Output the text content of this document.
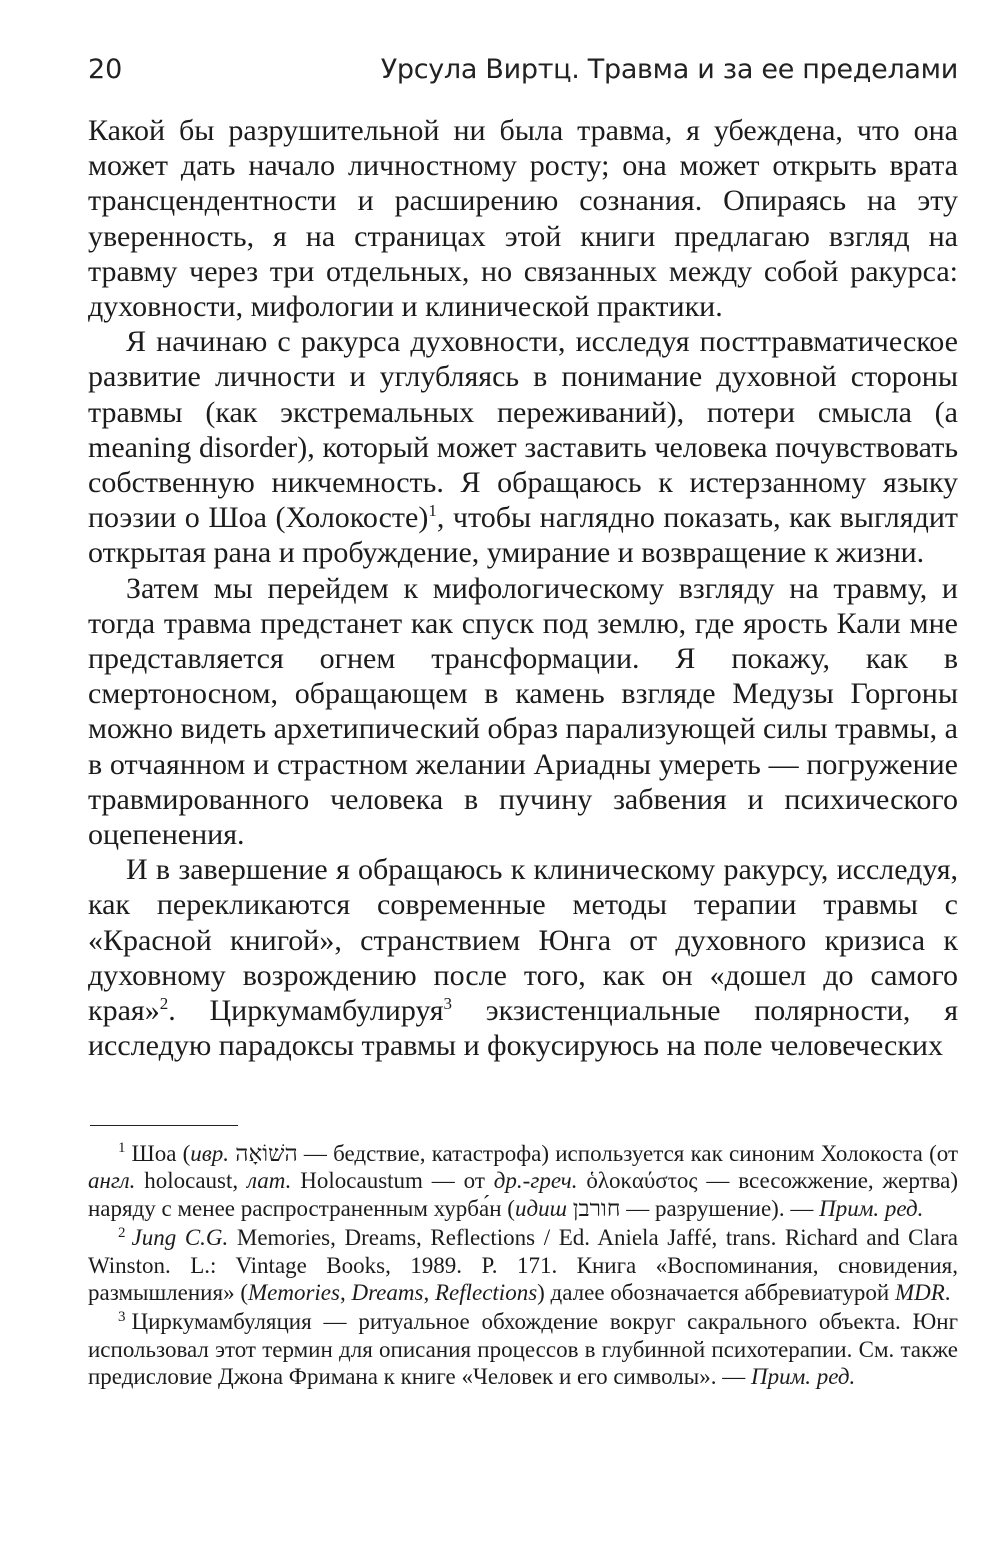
20	Урсула Виртц. Травма и за ее пределами

Какой бы разрушительной ни была травма, я убеждена, что она может дать начало личностному росту; она может открыть врата трансцендентности и расширению сознания. Опираясь на эту уверенность, я на страницах этой книги предлагаю взгляд на травму через три отдельных, но связанных между собой ракурса: духовности, мифологии и клинической практики.

Я начинаю с ракурса духовности, исследуя посттравматическое развитие личности и углубляясь в понимание духовной стороны травмы (как экстремальных переживаний), потери смысла (a meaning disorder), который может заставить человека почувствовать собственную никчемность. Я обращаюсь к истерзанному языку поэзии о Шоа (Холокосте)$^1$, чтобы наглядно показать, как выглядит открытая рана и пробуждение, умирание и возвращение к жизни.

Затем мы перейдем к мифологическому взгляду на травму, и тогда травма предстанет как спуск под землю, где ярость Кали мне представляется огнем трансформации. Я покажу, как в смертоносном, обращающем в камень взгляде Медузы Горгоны можно видеть архетипический образ парализующей силы травмы, а в отчаянном и страстном желании Ариадны умереть — погружение травмированного человека в пучину забвения и психического оцепенения.

И в завершение я обращаюсь к клиническому ракурсу, исследуя, как перекликаются современные методы терапии травмы с «Красной книгой», странствием Юнга от духовного кризиса к духовному возрождению после того, как он «дошел до самого края»$^2$. Циркумамбулируя$^3$ экзистенциальные полярности, я исследую парадоксы травмы и фокусируюсь на поле человеческих

$^1$ Шоа (ивр. השׁוֹאָה — бедствие, катастрофа) используется как синоним Холокоста (от англ. holocaust, лат. Holocaustum — от др.-греч. ὁλοκαύστος — всесожжение, жертва) наряду с менее распространенным хурба́н (идиш חורבן — разрушение). — Прим. ред.

$^2$ Jung C.G. Memories, Dreams, Reflections / Ed. Aniela Jaffé, trans. Richard and Clara Winston. L.: Vintage Books, 1989. P. 171. Книга «Воспоминания, сновидения, размышления» (Memories, Dreams, Reflections) далее обозначается аббревиатурой MDR.

$^3$ Циркумамбуляция — ритуальное обхождение вокруг сакрального объекта. Юнг использовал этот термин для описания процессов в глубинной психотерапии. См. также предисловие Джона Фримана к книге «Человек и его символы». — Прим. ред.
